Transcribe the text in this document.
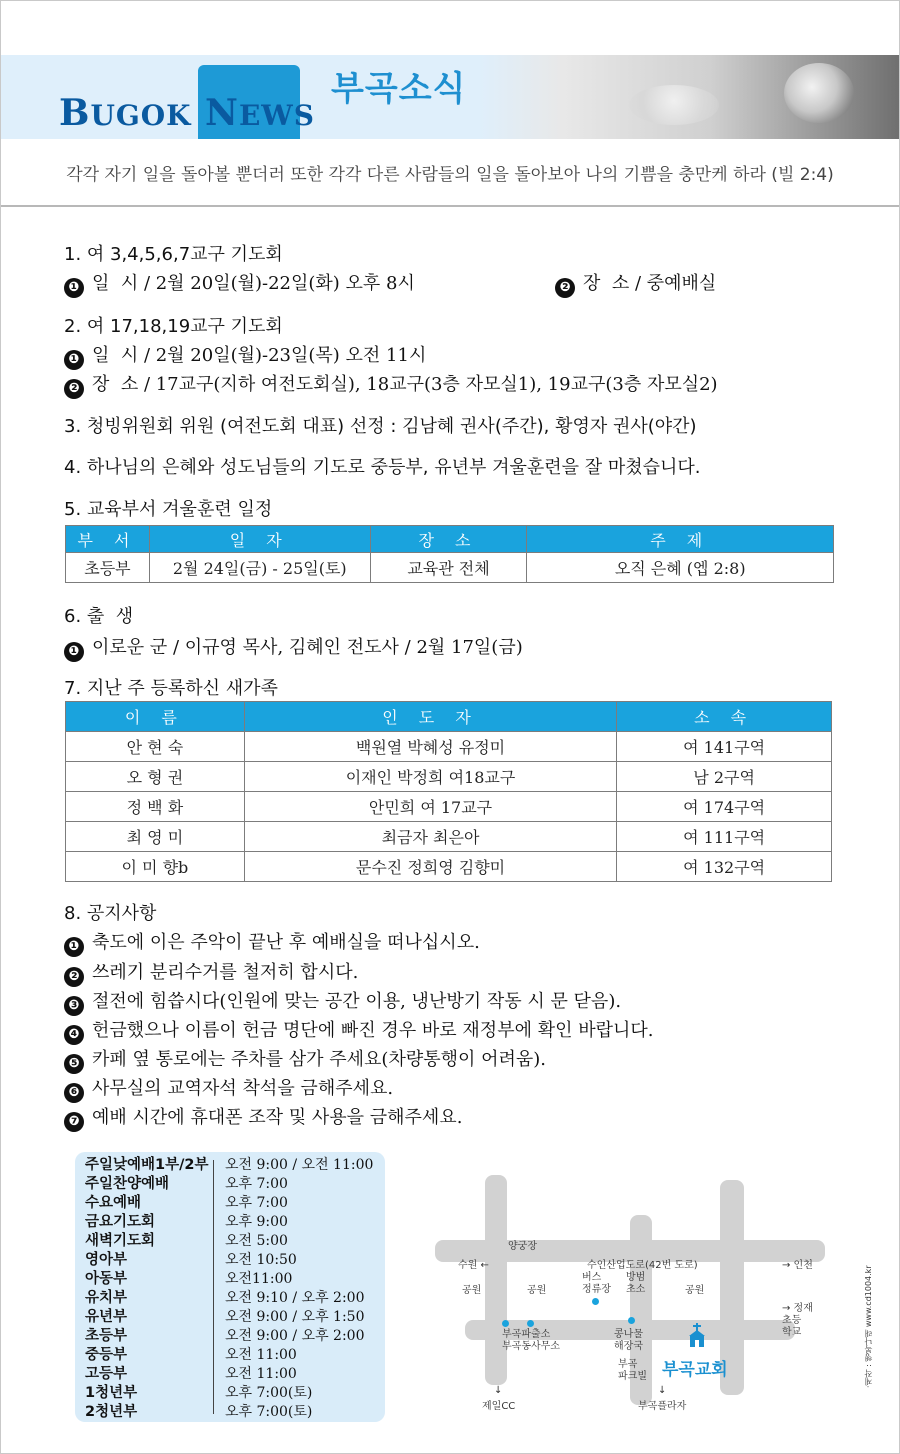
BUGOK NEWS
부곡소식
각각 자기 일을 돌아볼 뿐더러 또한 각각 다른 사람들의 일을 돌아보아 나의 기쁨을 충만케 하라 (빌 2:4)
1. 여 3,4,5,6,7교구 기도회
❶ 일  시 / 2월 20일(월)-22일(화) 오후 8시	❷ 장  소 / 중예배실
2. 여 17,18,19교구 기도회
❶ 일  시 / 2월 20일(월)-23일(목) 오전 11시
❷ 장  소 / 17교구(지하 여전도회실), 18교구(3층 자모실1), 19교구(3층 자모실2)
3. 청빙위원회 위원 (여전도회 대표) 선정 : 김남혜 권사(주간), 황영자 권사(야간)
4. 하나님의 은혜와 성도님들의 기도로 중등부, 유년부 겨울훈련을 잘 마쳤습니다.
5. 교육부서 겨울훈련 일정
부 서	일 자	장 소	주 제
초등부	2월 24일(금) - 25일(토)	교육관 전체	오직 은혜 (엡 2:8)
6. 출  생
❶ 이로운 군 / 이규영 목사, 김혜인 전도사 / 2월 17일(금)
7. 지난 주 등록하신 새가족
이 름	인 도 자	소 속
안 현 숙	백원열 박혜성 유정미	여 141구역
오 형 권	이재인 박정희 여18교구	남 2구역
정 백 화	안민희 여 17교구	여 174구역
최 영 미	최금자 최은아	여 111구역
이 미 향b	문수진 정희영 김향미	여 132구역
8. 공지사항
❶ 축도에 이은 주악이 끝난 후 예배실을 떠나십시오.
❷ 쓰레기 분리수거를 철저히 합시다.
❸ 절전에 힘씁시다(인원에 맞는 공간 이용, 냉난방기 작동 시 문 닫음).
❹ 헌금했으나 이름이 헌금 명단에 빠진 경우 바로 재정부에 확인 바랍니다.
❺ 카페 옆 통로에는 주차를 삼가 주세요(차량통행이 어려움).
❻ 사무실의 교역자석 착석을 금해주세요.
❼ 예배 시간에 휴대폰 조작 및 사용을 금해주세요.
주일낮예배1부/2부 오전 9:00 / 오전 11:00
주일찬양예배	오후 7:00
수요예배	오후 7:00
금요기도회	오후 9:00
새벽기도회	오전 5:00
영아부	오전 10:50
아동부	오전11:00
유치부	오전 9:10 / 오후 2:00
유년부	오전 9:00 / 오후 1:50
초등부	오전 9:00 / 오후 2:00
중등부	오전 11:00
고등부	오전 11:00
1청년부	오후 7:00(토)
2청년부	오후 7:00(토)
양궁장
수원 ←	수인산업도로(42번 도로)	→ 인천
공원	공원	공원
버스
정류장
방범
초소
→ 정재
초등
학교
부곡파출소
부곡동사무소
콩나물
해장국
부곡
파크빌 부곡교회
↓
제일CC
↓
부곡플라자
·제작 : 행복나래 www.cd1004.kr
